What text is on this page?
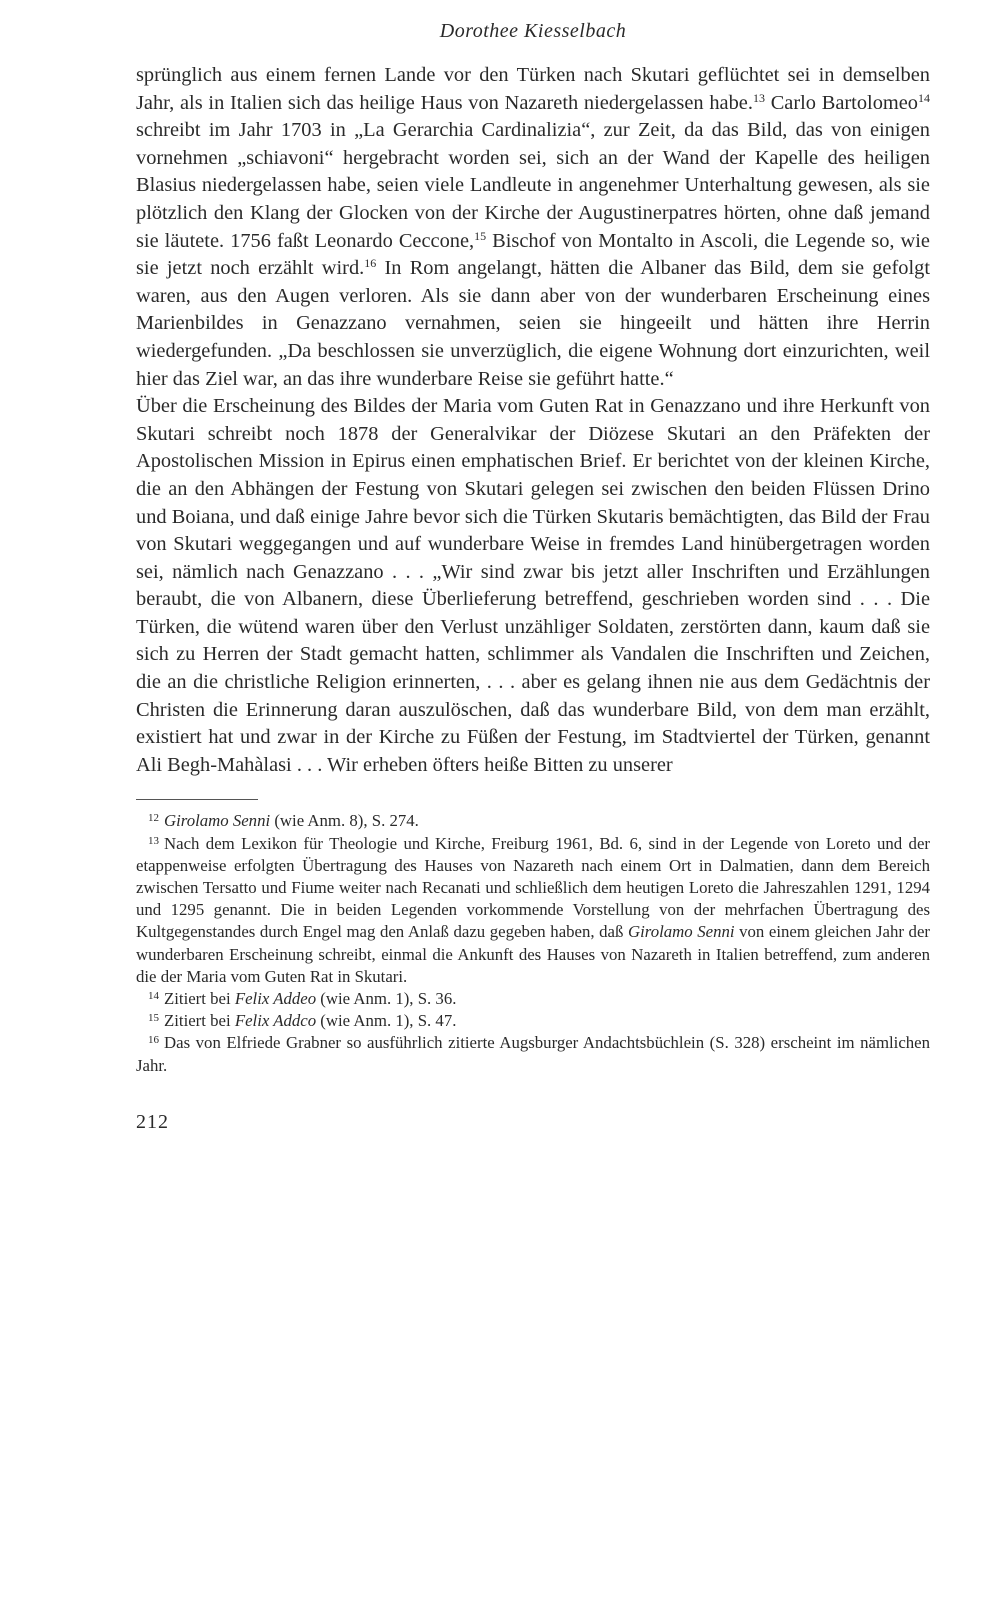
Dorothee Kiesselbach

sprünglich aus einem fernen Lande vor den Türken nach Skutari geflüchtet sei in demselben Jahr, als in Italien sich das heilige Haus von Nazareth niedergelassen habe.$^{13}$ Carlo Bartolomeo$^{14}$ schreibt im Jahr 1703 in „La Gerarchia Cardinalizia“, zur Zeit, da das Bild, das von einigen vornehmen „schiavoni“ hergebracht worden sei, sich an der Wand der Kapelle des heiligen Blasius niedergelassen habe, seien viele Landleute in angenehmer Unterhaltung gewesen, als sie plötzlich den Klang der Glocken von der Kirche der Augustinerpatres hörten, ohne daß jemand sie läutete. 1756 faßt Leonardo Ceccone,$^{15}$ Bischof von Montalto in Ascoli, die Legende so, wie sie jetzt noch erzählt wird.$^{16}$ In Rom angelangt, hätten die Albaner das Bild, dem sie gefolgt waren, aus den Augen verloren. Als sie dann aber von der wunderbaren Erscheinung eines Marienbildes in Genazzano vernahmen, seien sie hingeeilt und hätten ihre Herrin wiedergefunden. „Da beschlossen sie unverzüglich, die eigene Wohnung dort einzurichten, weil hier das Ziel war, an das ihre wunderbare Reise sie geführt hatte.“

Über die Erscheinung des Bildes der Maria vom Guten Rat in Genazzano und ihre Herkunft von Skutari schreibt noch 1878 der Generalvikar der Diözese Skutari an den Präfekten der Apostolischen Mission in Epirus einen emphatischen Brief. Er berichtet von der kleinen Kirche, die an den Abhängen der Festung von Skutari gelegen sei zwischen den beiden Flüssen Drino und Boiana, und daß einige Jahre bevor sich die Türken Skutaris bemächtigten, das Bild der Frau von Skutari weggegangen und auf wunderbare Weise in fremdes Land hinübergetragen worden sei, nämlich nach Genazzano . . . „Wir sind zwar bis jetzt aller Inschriften und Erzählungen beraubt, die von Albanern, diese Überlieferung betreffend, geschrieben worden sind . . . Die Türken, die wütend waren über den Verlust unzähliger Soldaten, zerstörten dann, kaum daß sie sich zu Herren der Stadt gemacht hatten, schlimmer als Vandalen die Inschriften und Zeichen, die an die christliche Religion erinnerten, . . . aber es gelang ihnen nie aus dem Gedächtnis der Christen die Erinnerung daran auszulöschen, daß das wunderbare Bild, von dem man erzählt, existiert hat und zwar in der Kirche zu Füßen der Festung, im Stadtviertel der Türken, genannt Ali Begh-Mahàlasi . . . Wir erheben öfters heiße Bitten zu unserer

$^{12}$ Girolamo Senni (wie Anm. 8), S. 274.

$^{13}$ Nach dem Lexikon für Theologie und Kirche, Freiburg 1961, Bd. 6, sind in der Legende von Loreto und der etappenweise erfolgten Übertragung des Hauses von Nazareth nach einem Ort in Dalmatien, dann dem Bereich zwischen Tersatto und Fiume weiter nach Recanati und schließlich dem heutigen Loreto die Jahreszahlen 1291, 1294 und 1295 genannt. Die in beiden Legenden vorkommende Vorstellung von der mehrfachen Übertragung des Kultgegenstandes durch Engel mag den Anlaß dazu gegeben haben, daß Girolamo Senni von einem gleichen Jahr der wunderbaren Erscheinung schreibt, einmal die Ankunft des Hauses von Nazareth in Italien betreffend, zum anderen die der Maria vom Guten Rat in Skutari.

$^{14}$ Zitiert bei Felix Addeo (wie Anm. 1), S. 36.

$^{15}$ Zitiert bei Felix Addco (wie Anm. 1), S. 47.

$^{16}$ Das von Elfriede Grabner so ausführlich zitierte Augsburger Andachtsbüchlein (S. 328) erscheint im nämlichen Jahr.

212
